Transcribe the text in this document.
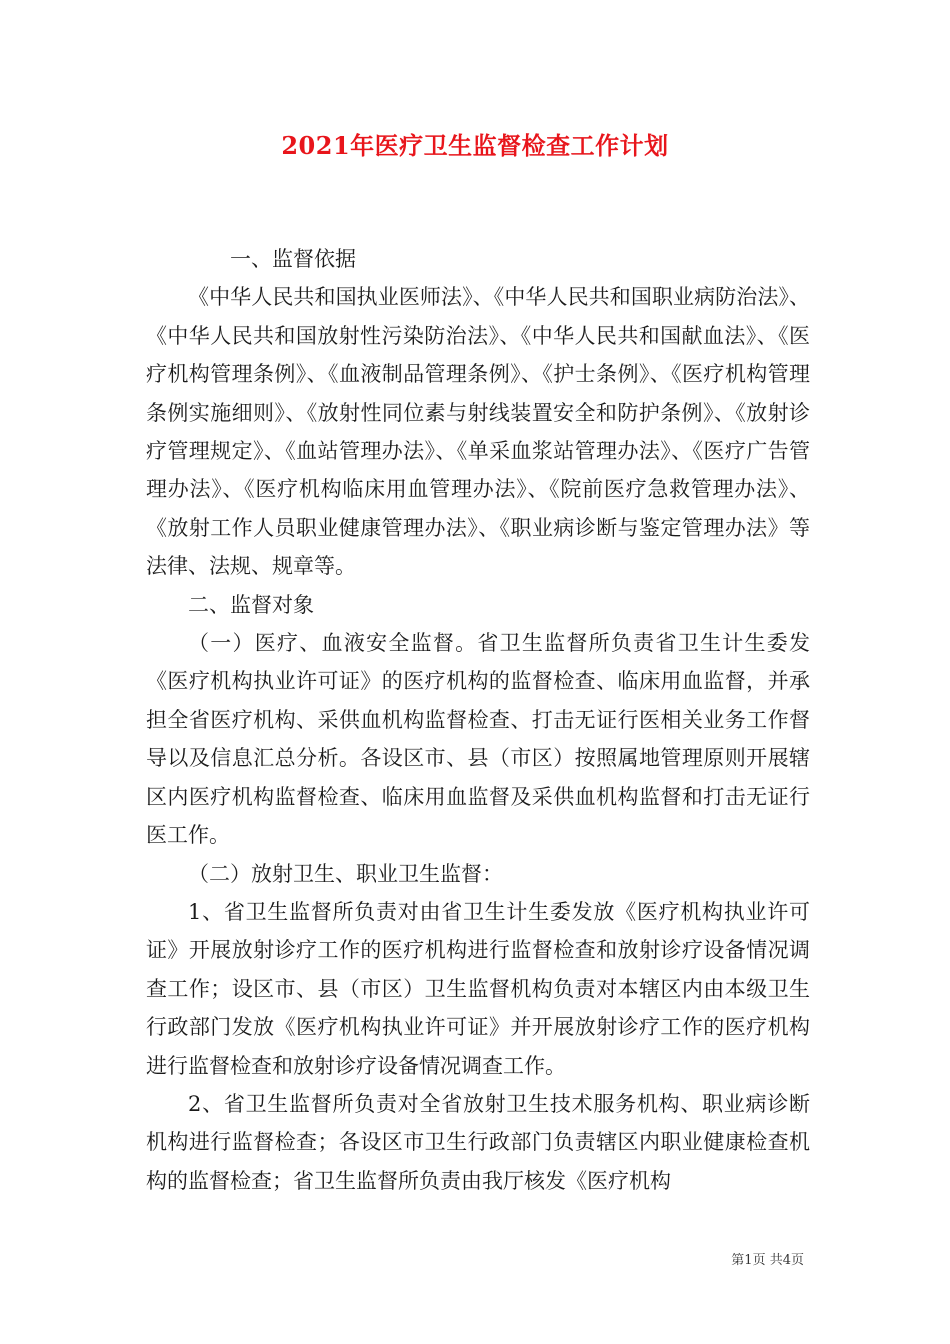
2021年医疗卫生监督检查工作计划

一、监督依据

《中华人民共和国执业医师法》、《中华人民共和国职业病防治法》、《中华人民共和国放射性污染防治法》、《中华人民共和国献血法》、《医疗机构管理条例》、《血液制品管理条例》、《护士条例》、《医疗机构管理条例实施细则》、《放射性同位素与射线装置安全和防护条例》、《放射诊疗管理规定》、《血站管理办法》、《单采血浆站管理办法》、《医疗广告管理办法》、《医疗机构临床用血管理办法》、《院前医疗急救管理办法》、《放射工作人员职业健康管理办法》、《职业病诊断与鉴定管理办法》等法律、法规、规章等。

二、监督对象

（一）医疗、血液安全监督。省卫生监督所负责省卫生计生委发《医疗机构执业许可证》的医疗机构的监督检查、临床用血监督，并承担全省医疗机构、采供血机构监督检查、打击无证行医相关业务工作督导以及信息汇总分析。各设区市、县（市区）按照属地管理原则开展辖区内医疗机构监督检查、临床用血监督及采供血机构监督和打击无证行医工作。

（二）放射卫生、职业卫生监督：

1、省卫生监督所负责对由省卫生计生委发放《医疗机构执业许可证》开展放射诊疗工作的医疗机构进行监督检查和放射诊疗设备情况调查工作；设区市、县（市区）卫生监督机构负责对本辖区内由本级卫生行政部门发放《医疗机构执业许可证》并开展放射诊疗工作的医疗机构进行监督检查和放射诊疗设备情况调查工作。

2、省卫生监督所负责对全省放射卫生技术服务机构、职业病诊断机构进行监督检查；各设区市卫生行政部门负责辖区内职业健康检查机构的监督检查；省卫生监督所负责由我厅核发《医疗机构

第1页 共4页
